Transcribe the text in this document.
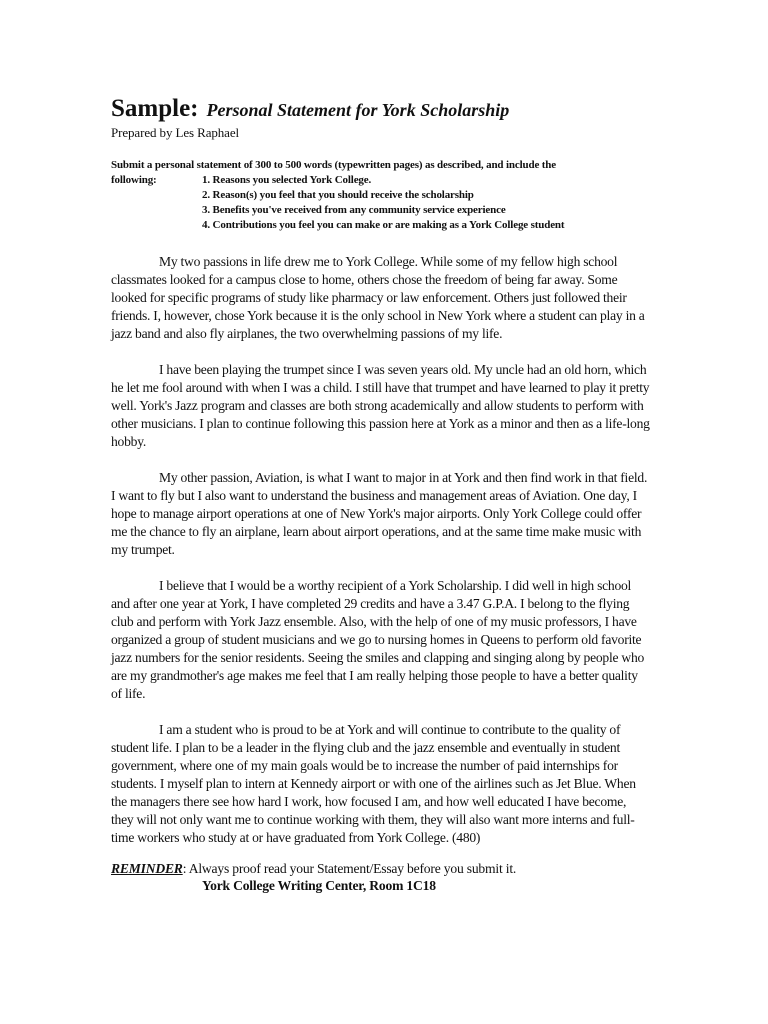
Sample: Personal Statement for York Scholarship

Prepared by Les Raphael

Submit a personal statement of 300 to 500 words (typewritten pages) as described, and include the
following:	1. Reasons you selected York College.
2. Reason(s) you feel that you should receive the scholarship
3. Benefits you've received from any community service experience
4. Contributions you feel you can make or are making as a York College student

My two passions in life drew me to York College. While some of my fellow high school classmates looked for a campus close to home, others chose the freedom of being far away. Some looked for specific programs of study like pharmacy or law enforcement. Others just followed their friends. I, however, chose York because it is the only school in New York where a student can play in a jazz band and also fly airplanes, the two overwhelming passions of my life.

I have been playing the trumpet since I was seven years old. My uncle had an old horn, which he let me fool around with when I was a child. I still have that trumpet and have learned to play it pretty well. York's Jazz program and classes are both strong academically and allow students to perform with other musicians. I plan to continue following this passion here at York as a minor and then as a life-long hobby.

My other passion, Aviation, is what I want to major in at York and then find work in that field. I want to fly but I also want to understand the business and management areas of Aviation. One day, I hope to manage airport operations at one of New York's major airports. Only York College could offer me the chance to fly an airplane, learn about airport operations, and at the same time make music with my trumpet.

I believe that I would be a worthy recipient of a York Scholarship. I did well in high school and after one year at York, I have completed 29 credits and have a 3.47 G.P.A. I belong to the flying club and perform with York Jazz ensemble. Also, with the help of one of my music professors, I have organized a group of student musicians and we go to nursing homes in Queens to perform old favorite jazz numbers for the senior residents. Seeing the smiles and clapping and singing along by people who are my grandmother's age makes me feel that I am really helping those people to have a better quality of life.

I am a student who is proud to be at York and will continue to contribute to the quality of student life. I plan to be a leader in the flying club and the jazz ensemble and eventually in student government, where one of my main goals would be to increase the number of paid internships for students. I myself plan to intern at Kennedy airport or with one of the airlines such as Jet Blue. When the managers there see how hard I work, how focused I am, and how well educated I have become, they will not only want me to continue working with them, they will also want more interns and full-time workers who study at or have graduated from York College. (480)

REMINDER: Always proof read your Statement/Essay before you submit it.
York College Writing Center, Room 1C18
